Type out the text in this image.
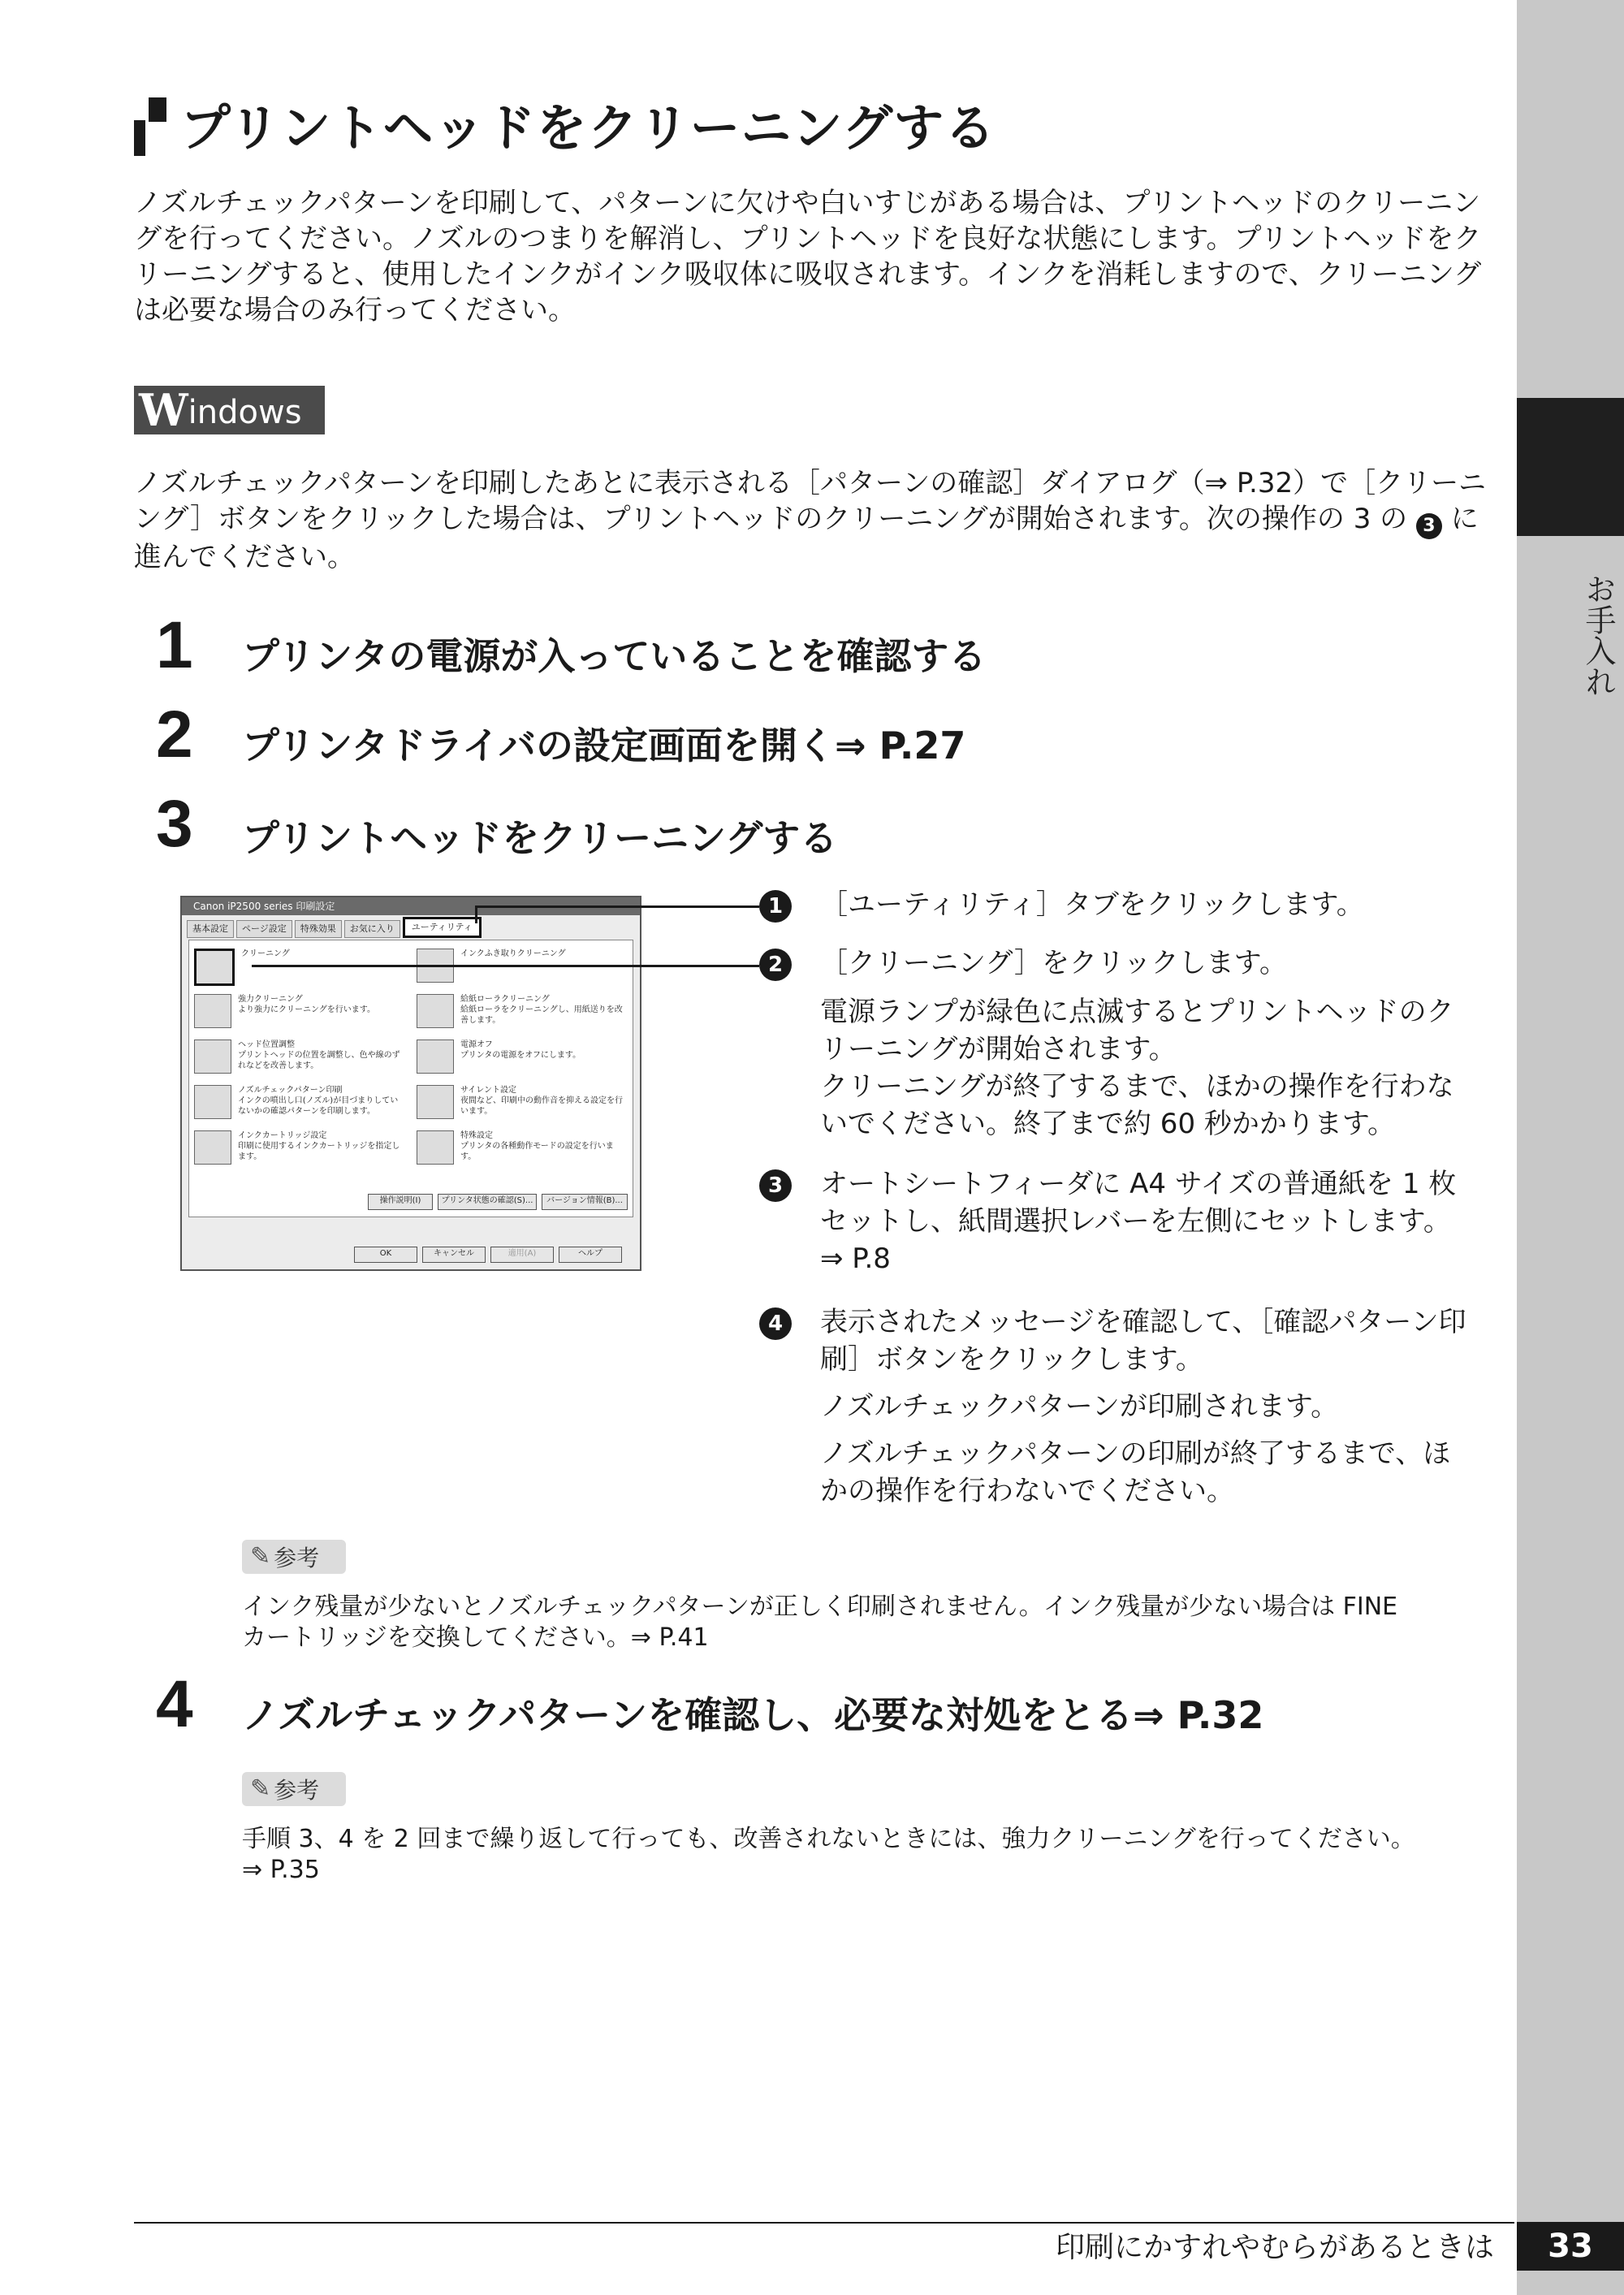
お手入れ
プリントヘッドをクリーニングする
ノズルチェックパターンを印刷して、パターンに欠けや白いすじがある場合は、プリントヘッドのクリーニングを行ってください。ノズルのつまりを解消し、プリントヘッドを良好な状態にします。プリントヘッドをクリーニングすると、使用したインクがインク吸収体に吸収されます。インクを消耗しますので、クリーニングは必要な場合のみ行ってください。
W indows
ノズルチェックパターンを印刷したあとに表示される［パターンの確認］ダイアログ（⇒ P.32）で［クリーニング］ボタンをクリックした場合は、プリントヘッドのクリーニングが開始されます。次の操作の 3 の 3 に進んでください。
1 プリンタの電源が入っていることを確認する
2 プリンタドライバの設定画面を開く⇒ P.27
3 プリントヘッドをクリーニングする
Canon iP2500 series 印刷設定
基本設定	ページ設定	特殊効果	お気に入り	ユーティリティ
クリーニング	インクふき取りクリーニング
強力クリーニング
より強力にクリーニングを行います。
給紙ローラクリーニング
給紙ローラをクリーニングし、用紙送りを改善します。
ヘッド位置調整
プリントヘッドの位置を調整し、色や線のずれなどを改善します。
電源オフ
プリンタの電源をオフにします。
ノズルチェックパターン印刷
インクの噴出し口(ノズル)が目づまりしていないかの確認パターンを印刷します。
サイレント設定
夜間など、印刷中の動作音を抑える設定を行います。
インクカートリッジ設定
印刷に使用するインクカートリッジを指定します。
特殊設定
プリンタの各種動作モードの設定を行います。
操作説明(I)	プリンタ状態の確認(S)...	バージョン情報(B)...
OK	キャンセル	適用(A)	ヘルプ
1	［ユーティリティ］タブをクリックします。
2	［クリーニング］をクリックします。
電源ランプが緑色に点滅するとプリントヘッドのク
リーニングが開始されます。
クリーニングが終了するまで、ほかの操作を行わな
いでください。終了まで約 60 秒かかります。
3	オートシートフィーダに A4 サイズの普通紙を 1 枚
セットし、紙間選択レバーを左側にセットします。
⇒ P.8
4	表示されたメッセージを確認して、［確認パターン印
刷］ボタンをクリックします。
ノズルチェックパターンが印刷されます。
ノズルチェックパターンの印刷が終了するまで、ほ
かの操作を行わないでください。
✎ 参考
インク残量が少ないとノズルチェックパターンが正しく印刷されません。インク残量が少ない場合は FINE
カートリッジを交換してください。⇒ P.41
4 ノズルチェックパターンを確認し、必要な対処をとる⇒ P.32
✎ 参考
手順 3、4 を 2 回まで繰り返して行っても、改善されないときには、強力クリーニングを行ってください。
⇒ P.35
印刷にかすれやむらがあるときは	33
